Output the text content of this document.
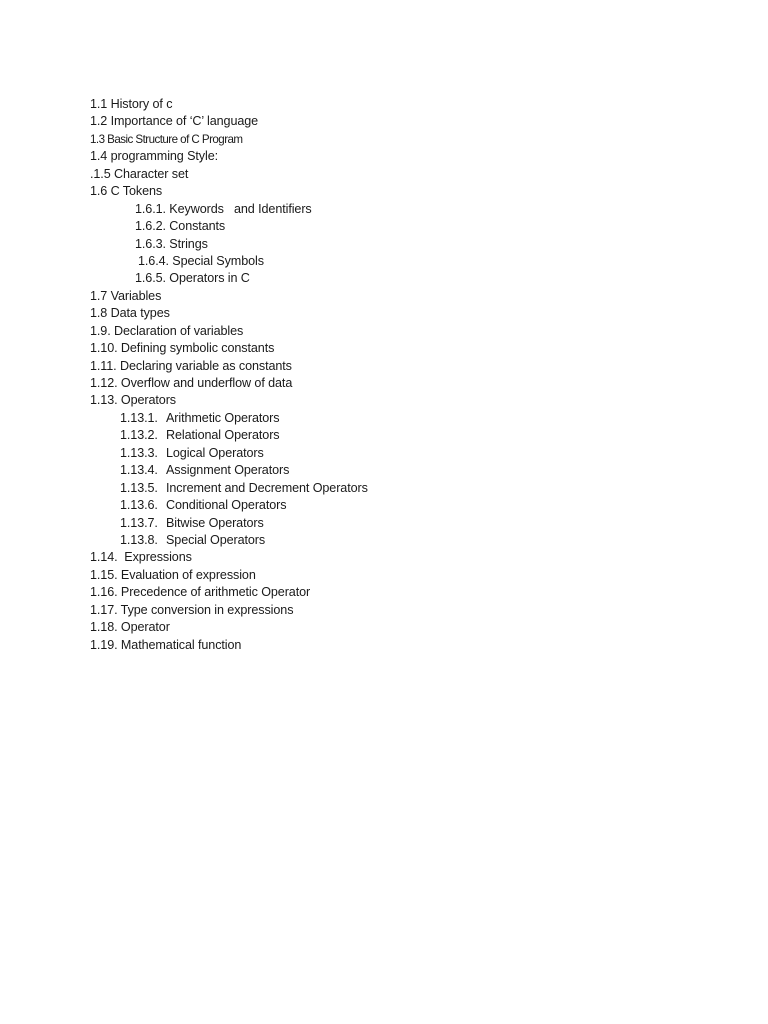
1.1 History of c
1.2 Importance of ‘C’ language
1.3 Basic Structure of C Program
1.4 programming Style:
.1.5 Character set
1.6 C Tokens
1.6.1. Keywords   and Identifiers
1.6.2. Constants
1.6.3. Strings
1.6.4. Special Symbols
1.6.5. Operators in C
1.7 Variables
1.8 Data types
1.9. Declaration of variables
1.10. Defining symbolic constants
1.11. Declaring variable as constants
1.12. Overflow and underflow of data
1.13. Operators
1.13.1. Arithmetic Operators
1.13.2. Relational Operators
1.13.3. Logical Operators
1.13.4. Assignment Operators
1.13.5. Increment and Decrement Operators
1.13.6. Conditional Operators
1.13.7. Bitwise Operators
1.13.8. Special Operators
1.14.  Expressions
1.15. Evaluation of expression
1.16. Precedence of arithmetic Operator
1.17. Type conversion in expressions
1.18. Operator
1.19. Mathematical function
